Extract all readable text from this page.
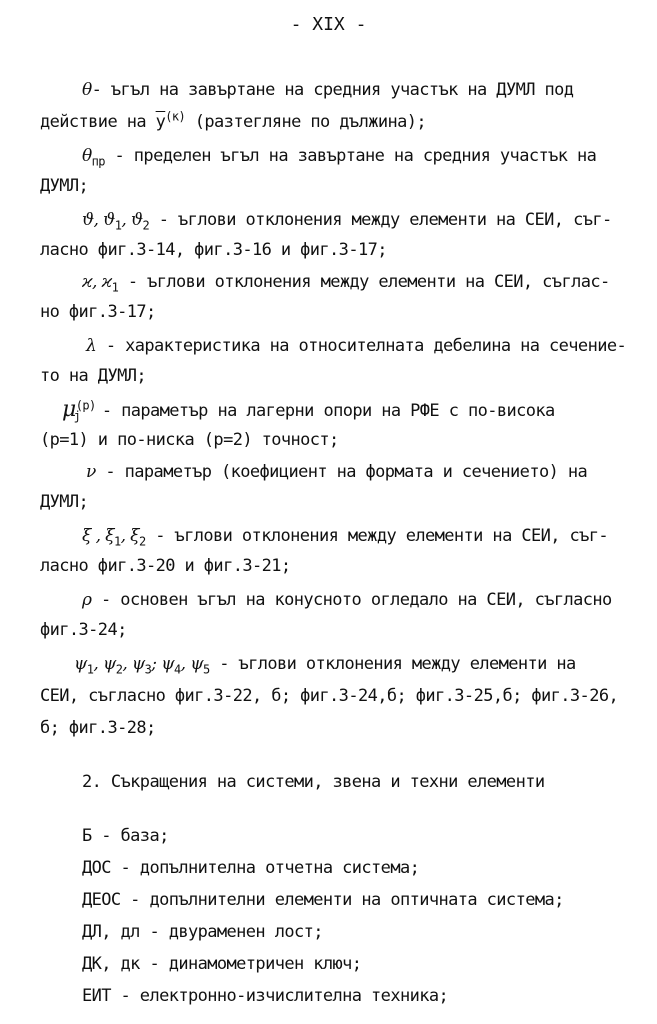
- XIX -
θ- ъгъл на завъртане на средния участък на ДУМЛ под
действие на $\overline{y}^{(к)}$ (разтегляне по дължина);
$\theta_{пр}$ - пределен ъгъл на завъртане на средния участък на
ДУМЛ;
ϑ, $ϑ_1$, $ϑ_2$ - ъглови отклонения между елементи на СЕИ, съг-
ласно фиг.3-14, фиг.3-16 и фиг.3-17;
ϰ, $ϰ_1$ - ъглови отклонения между елементи на СЕИ, съглас-
но фиг.3-17;
λ - характеристика на относителната дебелина на сечение-
то на ДУМЛ;
$\mu^{(р)}_j$ - параметър на лагерни опори на РФЕ с по-висока
(р=1) и по-ниска (р=2) точност;
ν - параметър (коефициент на формата и сечението) на
ДУМЛ;
ξ , $\xi_1$, $\xi_2$ - ъглови отклонения между елементи на СЕИ, съг-
ласно фиг.3-20 и фиг.3-21;
ρ - основен ъгъл на конусното огледало на СЕИ, съгласно
фиг.3-24;
$\psi_1$, $\psi_2$, $\psi_3$; $\psi_4$, $\psi_5$ - ъглови отклонения между елементи на
СЕИ, съгласно фиг.3-22, б; фиг.3-24,б; фиг.3-25,б; фиг.3-26,
б; фиг.3-28;
2. Съкращения на системи, звена и техни елементи
Б - база;
ДОС - допълнителна отчетна система;
ДЕОС - допълнителни елементи на оптичната система;
ДЛ, дл - двураменен лост;
ДК, дк - динамометричен ключ;
ЕИТ - електронно-изчислителна техника;
